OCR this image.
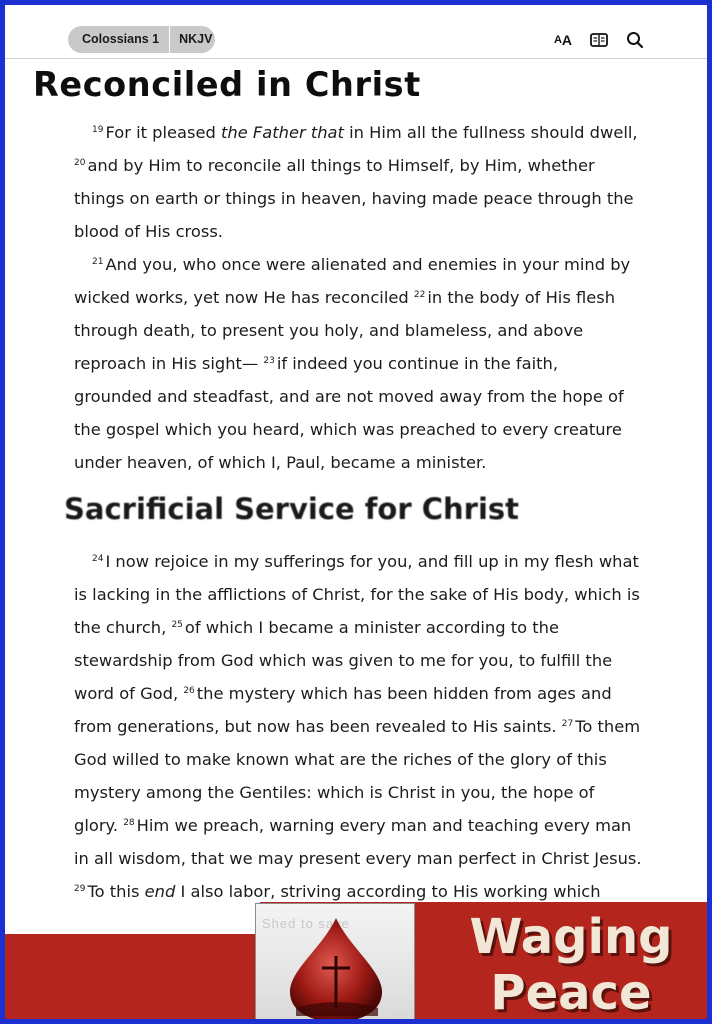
Colossians 1	NKJV	A A
Reconciled in Christ
$^{19}$ For it pleased the Father that in Him all the fullness should dwell,
$^{20}$ and by Him to reconcile all things to Himself, by Him, whether
things on earth or things in heaven, having made peace through the
blood of His cross.
$^{21}$ And you, who once were alienated and enemies in your mind by
wicked works, yet now He has reconciled $^{22}$ in the body of His flesh
through death, to present you holy, and blameless, and above
reproach in His sight— $^{23}$ if indeed you continue in the faith,
grounded and steadfast, and are not moved away from the hope of
the gospel which you heard, which was preached to every creature
under heaven, of which I, Paul, became a minister.
Sacrificial Service for Christ
$^{24}$ I now rejoice in my sufferings for you, and fill up in my flesh what
is lacking in the afflictions of Christ, for the sake of His body, which is
the church, $^{25}$ of which I became a minister according to the
stewardship from God which was given to me for you, to fulfill the
word of God, $^{26}$ the mystery which has been hidden from ages and
from generations, but now has been revealed to His saints. $^{27}$ To them
God willed to make known what are the riches of the glory of this
mystery among the Gentiles: which is Christ in you, the hope of
glory. $^{28}$ Him we preach, warning every man and teaching every man
in all wisdom, that we may present every man perfect in Christ Jesus.
$^{29}$ To this end I also labor, striving according to His working which
Shed to save
you
Waging
Peace
